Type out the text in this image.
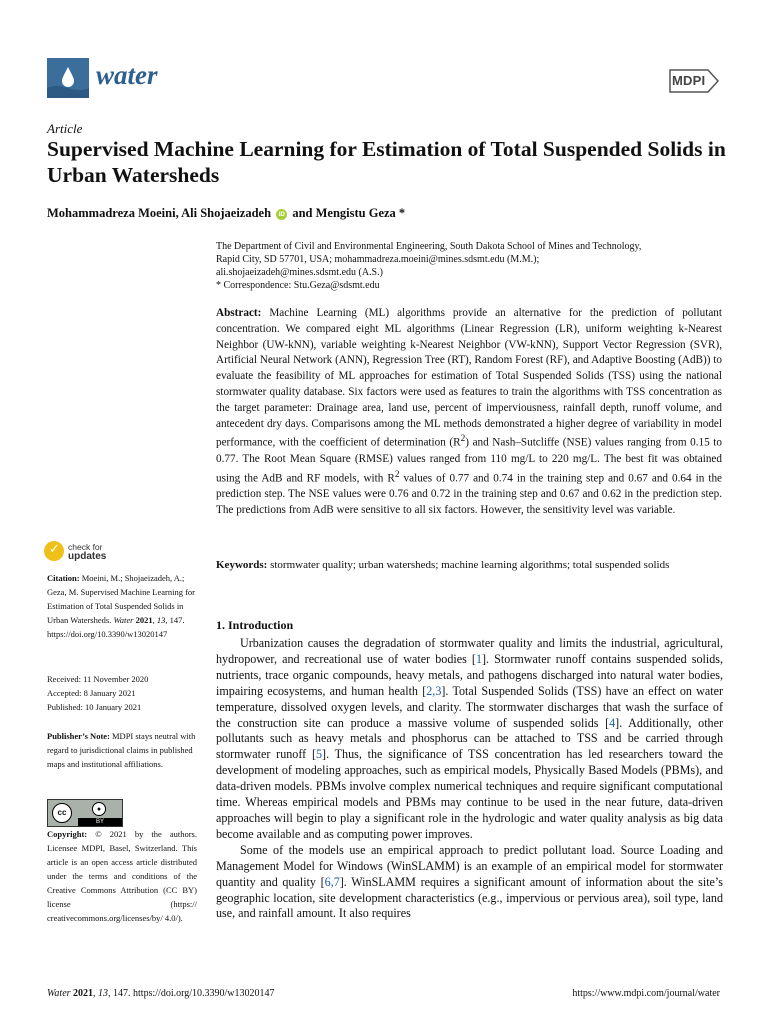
water	MDPI
Article
Supervised Machine Learning for Estimation of Total Suspended Solids in Urban Watersheds
Mohammadreza Moeini, Ali Shojaeizadeh iD and Mengistu Geza *
The Department of Civil and Environmental Engineering, South Dakota School of Mines and Technology,
Rapid City, SD 57701, USA; mohammadreza.moeini@mines.sdsmt.edu (M.M.);
ali.shojaeizadeh@mines.sdsmt.edu (A.S.)
* Correspondence: Stu.Geza@sdsmt.edu
Abstract: Machine Learning (ML) algorithms provide an alternative for the prediction of pollutant concentration. We compared eight ML algorithms (Linear Regression (LR), uniform weighting k-Nearest Neighbor (UW-kNN), variable weighting k-Nearest Neighbor (VW-kNN), Support Vector Regression (SVR), Artificial Neural Network (ANN), Regression Tree (RT), Random Forest (RF), and Adaptive Boosting (AdB)) to evaluate the feasibility of ML approaches for estimation of Total Suspended Solids (TSS) using the national stormwater quality database. Six factors were used as features to train the algorithms with TSS concentration as the target parameter: Drainage area, land use, percent of imperviousness, rainfall depth, runoff volume, and antecedent dry days. Comparisons among the ML methods demonstrated a higher degree of variability in model performance, with the coefficient of determination $(R^2)$ and Nash–Sutcliffe (NSE) values ranging from 0.15 to 0.77. The Root Mean Square (RMSE) values ranged from 110 mg/L to 220 mg/L. The best fit was obtained using the AdB and RF models, with $R^2$ values of 0.77 and 0.74 in the training step and 0.67 and 0.64 in the prediction step. The NSE values were 0.76 and 0.72 in the training step and 0.67 and 0.62 in the prediction step. The predictions from AdB were sensitive to all six factors. However, the sensitivity level was variable.
Keywords: stormwater quality; urban watersheds; machine learning algorithms; total suspended solids
✓ check for
updates
Citation: Moeini, M.; Shojaeizadeh, A.; Geza, M. Supervised Machine Learning for Estimation of Total Suspended Solids in Urban Watersheds. Water 2021, 13, 147. https://doi.org/10.3390/w13020147
Received: 11 November 2020
Accepted: 8 January 2021
Published: 10 January 2021
Publisher’s Note: MDPI stays neutral with regard to jurisdictional claims in published maps and institutional affiliations.
cc	●
BY
Copyright: © 2021 by the authors. Licensee MDPI, Basel, Switzerland. This article is an open access article distributed under the terms and conditions of the Creative Commons Attribution (CC BY) license (https:// creativecommons.org/licenses/by/ 4.0/).
1. Introduction

Urbanization causes the degradation of stormwater quality and limits the industrial, agricultural, hydropower, and recreational use of water bodies [1]. Stormwater runoff contains suspended solids, nutrients, trace organic compounds, heavy metals, and pathogens discharged into natural water bodies, impairing ecosystems, and human health [2,3]. Total Suspended Solids (TSS) have an effect on water temperature, dissolved oxygen levels, and clarity. The stormwater discharges that wash the surface of the construction site can produce a massive volume of suspended solids [4]. Additionally, other pollutants such as heavy metals and phosphorus can be attached to TSS and be carried through stormwater runoff [5]. Thus, the significance of TSS concentration has led researchers toward the development of modeling approaches, such as empirical models, Physically Based Models (PBMs), and data-driven models. PBMs involve complex numerical techniques and require significant computational time. Whereas empirical models and PBMs may continue to be used in the near future, data-driven approaches will begin to play a significant role in the hydrologic and water quality analysis as big data become available and as computing power improves.

Some of the models use an empirical approach to predict pollutant load. Source Loading and Management Model for Windows (WinSLAMM) is an example of an empirical model for stormwater quantity and quality [6,7]. WinSLAMM requires a significant amount of information about the site’s geographic location, site development characteristics (e.g., impervious or pervious area), soil type, land use, and rainfall amount. It also requires

Water 2021, 13, 147. https://doi.org/10.3390/w13020147	https://www.mdpi.com/journal/water
